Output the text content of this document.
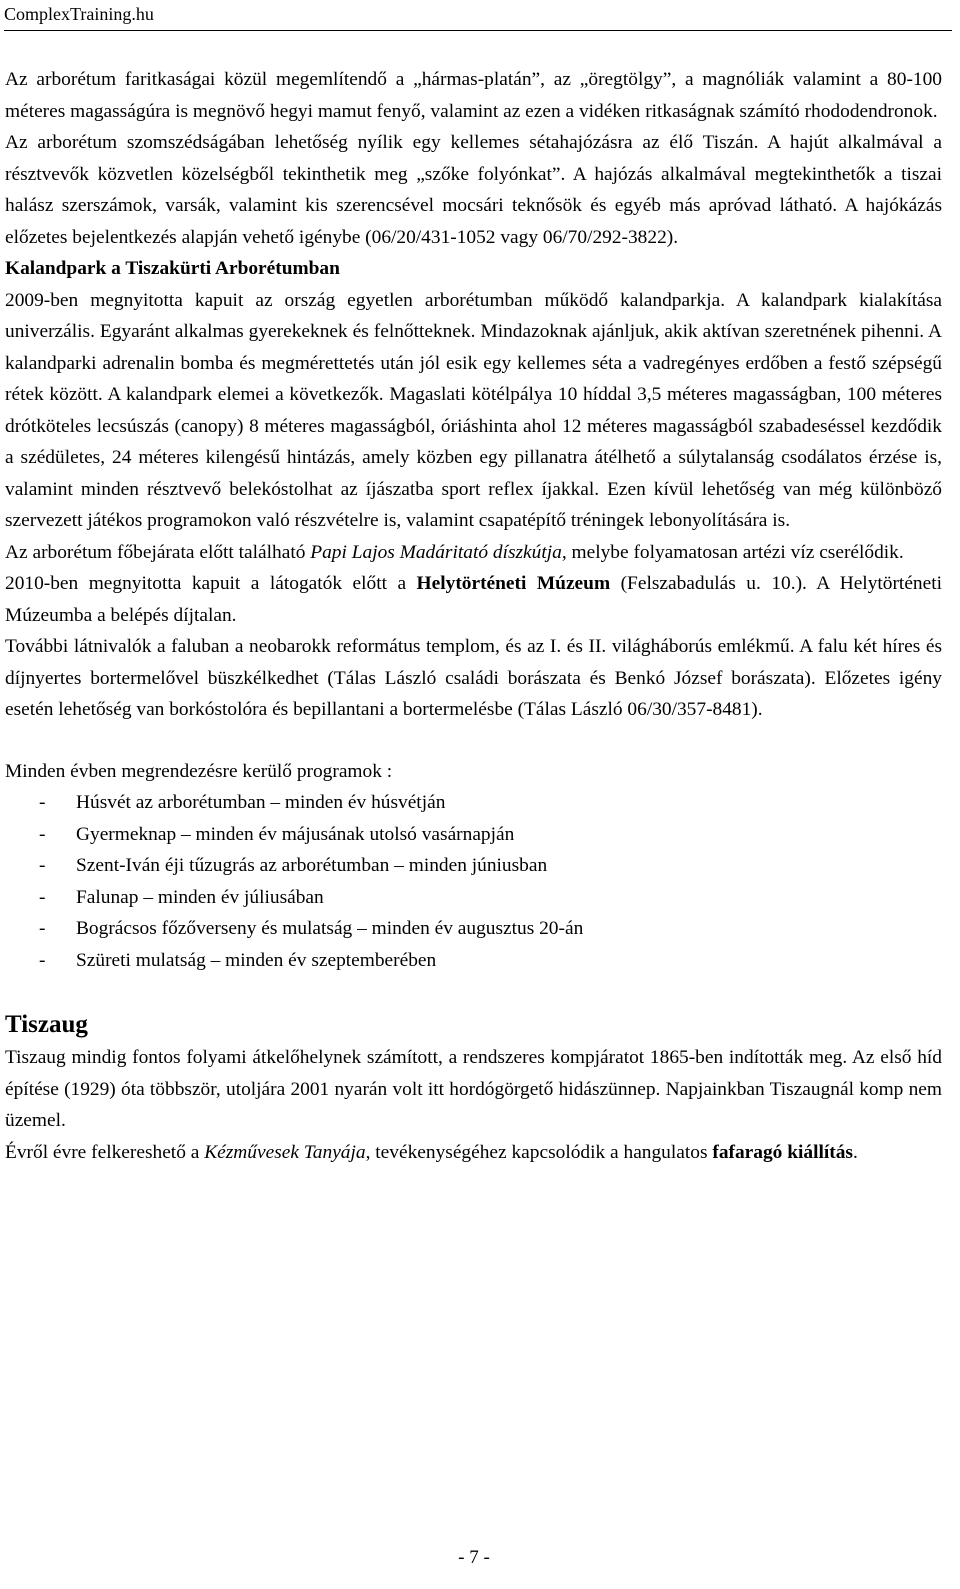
ComplexTraining.hu

Az arborétum faritkaságai közül megemlítendő a „hármas-platán”, az „öregtölgy”, a magnóliák valamint a 80-100 méteres magasságúra is megnövő hegyi mamut fenyő, valamint az ezen a vidéken ritkaságnak számító rhododendronok.

Az arborétum szomszédságában lehetőség nyílik egy kellemes sétahajózásra az élő Tiszán. A hajút alkalmával a résztvevők közvetlen közelségből tekinthetik meg „szőke folyónkat”. A hajózás alkalmával megtekinthetők a tiszai halász szerszámok, varsák, valamint kis szerencsével mocsári teknősök és egyéb más apróvad látható. A hajókázás előzetes bejelentkezés alapján vehető igénybe (06/20/431-1052 vagy 06/70/292-3822).

Kalandpark a Tiszakürti Arborétumban

2009-ben megnyitotta kapuit az ország egyetlen arborétumban működő kalandparkja. A kalandpark kialakítása univerzális. Egyaránt alkalmas gyerekeknek és felnőtteknek. Mindazoknak ajánljuk, akik aktívan szeretnének pihenni. A kalandparki adrenalin bomba és megmérettetés után jól esik egy kellemes séta a vadregényes erdőben a festő szépségű rétek között. A kalandpark elemei a következők. Magaslati kötélpálya 10 híddal 3,5 méteres magasságban, 100 méteres drótköteles lecsúszás (canopy) 8 méteres magasságból, óriáshinta ahol 12 méteres magasságból szabadeséssel kezdődik a szédületes, 24 méteres kilengésű hintázás, amely közben egy pillanatra átélhető a súlytalanság csodálatos érzése is, valamint minden résztvevő belekóstolhat az íjászatba sport reflex íjakkal. Ezen kívül lehetőség van még különböző szervezett játékos programokon való részvételre is, valamint csapatépítő tréningek lebonyolítására is.

Az arborétum főbejárata előtt található Papi Lajos Madáritató díszkútja, melybe folyamatosan artézi víz cserélődik.

2010-ben megnyitotta kapuit a látogatók előtt a Helytörténeti Múzeum (Felszabadulás u. 10.). A Helytörténeti Múzeumba a belépés díjtalan.

További látnivalók a faluban a neobarokk református templom, és az I. és II. világháborús emlékmű. A falu két híres és díjnyertes bortermelővel büszkélkedhet (Tálas László családi borászata és Benkó József borászata). Előzetes igény esetén lehetőség van borkóstolóra és bepillantani a bortermelésbe (Tálas László 06/30/357-8481).

Minden évben megrendezésre kerülő programok :

- Húsvét az arborétumban – minden év húsvétján
- Gyermeknap – minden év májusának utolsó vasárnapján
- Szent-Iván éji tűzugrás az arborétumban – minden júniusban
- Falunap – minden év júliusában
- Bográcsos főzőverseny és mulatság – minden év augusztus 20-án
- Szüreti mulatság – minden év szeptemberében

Tiszaug

Tiszaug mindig fontos folyami átkelőhelynek számított, a rendszeres kompjáratot 1865-ben indították meg. Az első híd építése (1929) óta többször, utoljára 2001 nyarán volt itt hordógörgető hidászünnep. Napjainkban Tiszaugnál komp nem üzemel.

Évről évre felkereshető a Kézművesek Tanyája, tevékenységéhez kapcsolódik a hangulatos fafaragó kiállítás.

- 7 -
